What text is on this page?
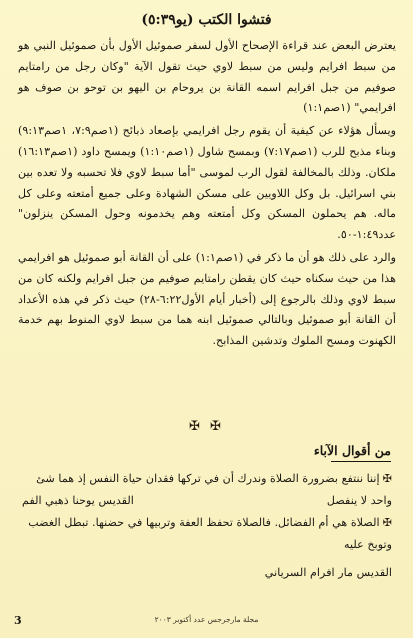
فتشوا الكتب (يو٥:٣٩)

يعترض البعض عند قراءة الإصحاح الأول لسفر صموئيل الأول بأن صموئيل النبي هو من سبط افرايم وليس من سبط لاوي حيث تقول الآية "وكان رجل من رامتايم صوفيم من جبل افرايم اسمه القانة بن يروحام بن اليهو بن توحو بن صوف هو افرايمي" (١صم١:١)

ويسأل هؤلاء عن كيفية أن يقوم رجل افرايمي بإصعاد ذبائح (١صم٧:٩، ١صم٩:١٣) وبناء مذبح للرب (١صم٧:١٧) وبمسح شاول (١صم١:١٠) ويمسح داود (١صم١٦:١٣) ملكان. وذلك بالمخالفة لقول الرب لموسى "أما سبط لاوي فلا تحسبه ولا تعده بين بني اسرائيل. بل وكل اللاويين على مسكن الشهادة وعلى جميع أمتعته وعلى كل ماله. هم يحملون المسكن وكل أمتعته وهم يخدمونه وحول المسكن ينزلون" عدد١:٤٩-٥٠.

والرد على ذلك هو أن ما ذكر في (١صم١:١) على أن القانة أبو صموئيل هو افرايمي هذا من حيث سكناه حيث كان يقطن رامتايم صوفيم من جبل افرايم ولكنه كان من سبط لاوي وذلك بالرجوع إلى (أخبار أيام الأول٦:٢٢-٢٨) حيث ذكر في هذه الأعداد أن القانة أبو صموئيل وبالتالي صموئيل ابنه هما من سبط لاوي المنوط بهم خدمة الكهنوت ومسح الملوك وتدشين المذابح.

✠ ✠
من أقوال الآباء
✠إننا ننتفع بضرورة الصلاة وندرك أن في تركها فقدان حياة النفس إذ هما شئ
واحد لا ينفصل
القديس يوحنا ذهبي الفم
✠الصلاة هي أم الفضائل. فالصلاة تحفظ العفة وتربيها في حضنها. تبطل الغضب
وتوبخ عليه
القديس مار افرام السرياني
3	مجلة مارجرجس عدد أكتوبر ٢٠٠٣
